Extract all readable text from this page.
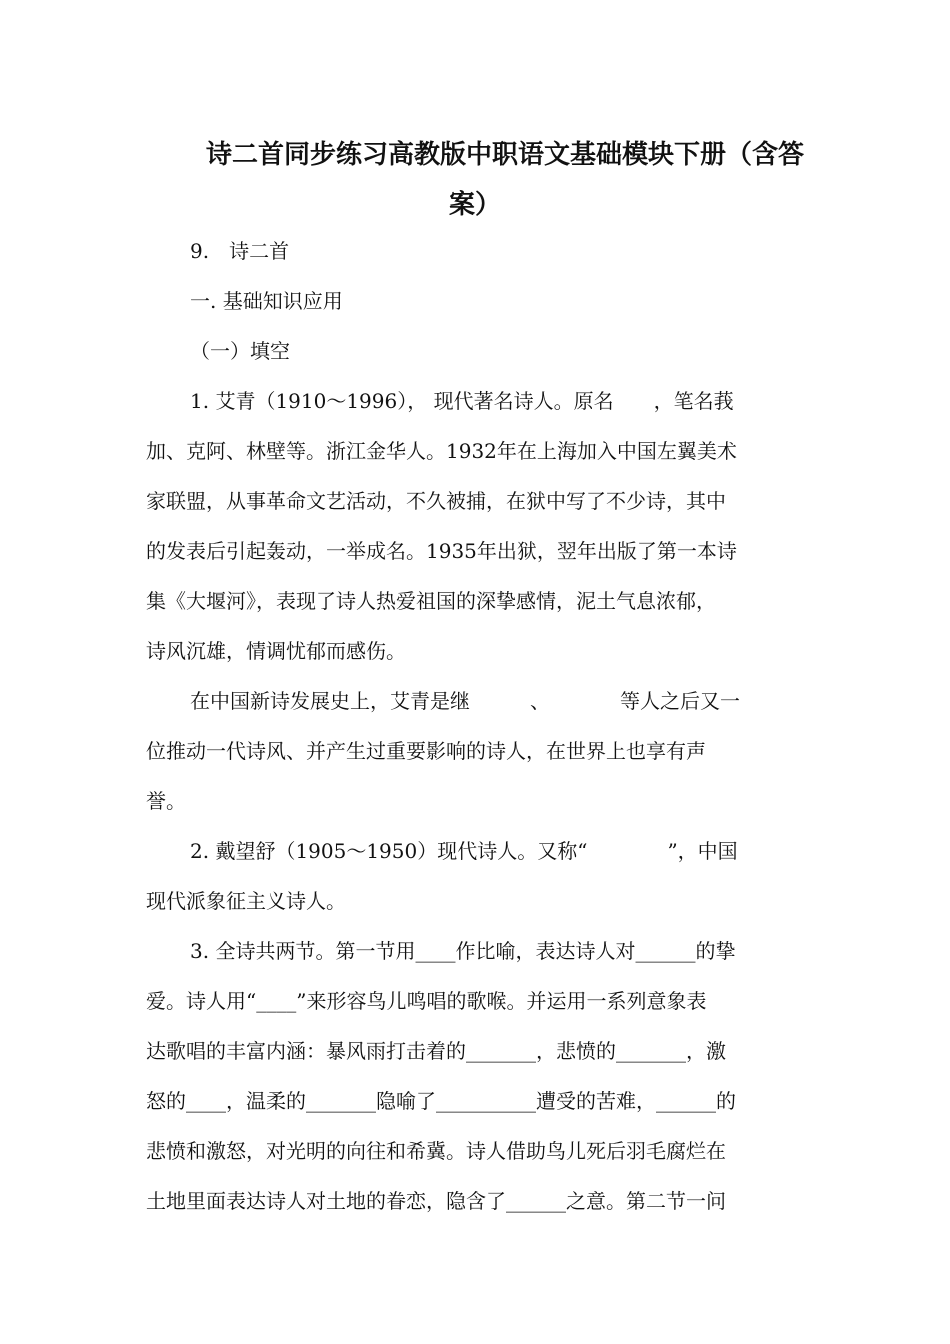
诗二首同步练习高教版中职语文基础模块下册（含答
案）

9.　诗二首

一. 基础知识应用

（一）填空

1. 艾青（1910～1996）， 现代著名诗人。原名　　，笔名莪

加、克阿、林壁等。浙江金华人。1932年在上海加入中国左翼美术

家联盟，从事革命文艺活动，不久被捕，在狱中写了不少诗，其中

的发表后引起轰动，一举成名。1935年出狱，翌年出版了第一本诗

集《大堰河》，表现了诗人热爱祖国的深挚感情，泥土气息浓郁，

诗风沉雄，情调忧郁而感伤。

在中国新诗发展史上，艾青是继　　　、　　　　等人之后又一

位推动一代诗风、并产生过重要影响的诗人，在世界上也享有声

誉。

2. 戴望舒（1905～1950）现代诗人。又称“　　　　”，中国

现代派象征主义诗人。

3. 全诗共两节。第一节用____作比喻，表达诗人对______的挚

爱。诗人用“____”来形容鸟儿鸣唱的歌喉。并运用一系列意象表

达歌唱的丰富内涵：暴风雨打击着的_______，悲愤的_______，激

怒的____，温柔的_______隐喻了__________遭受的苦难，______的

悲愤和激怒，对光明的向往和希冀。诗人借助鸟儿死后羽毛腐烂在

土地里面表达诗人对土地的眷恋，隐含了______之意。第二节一问
